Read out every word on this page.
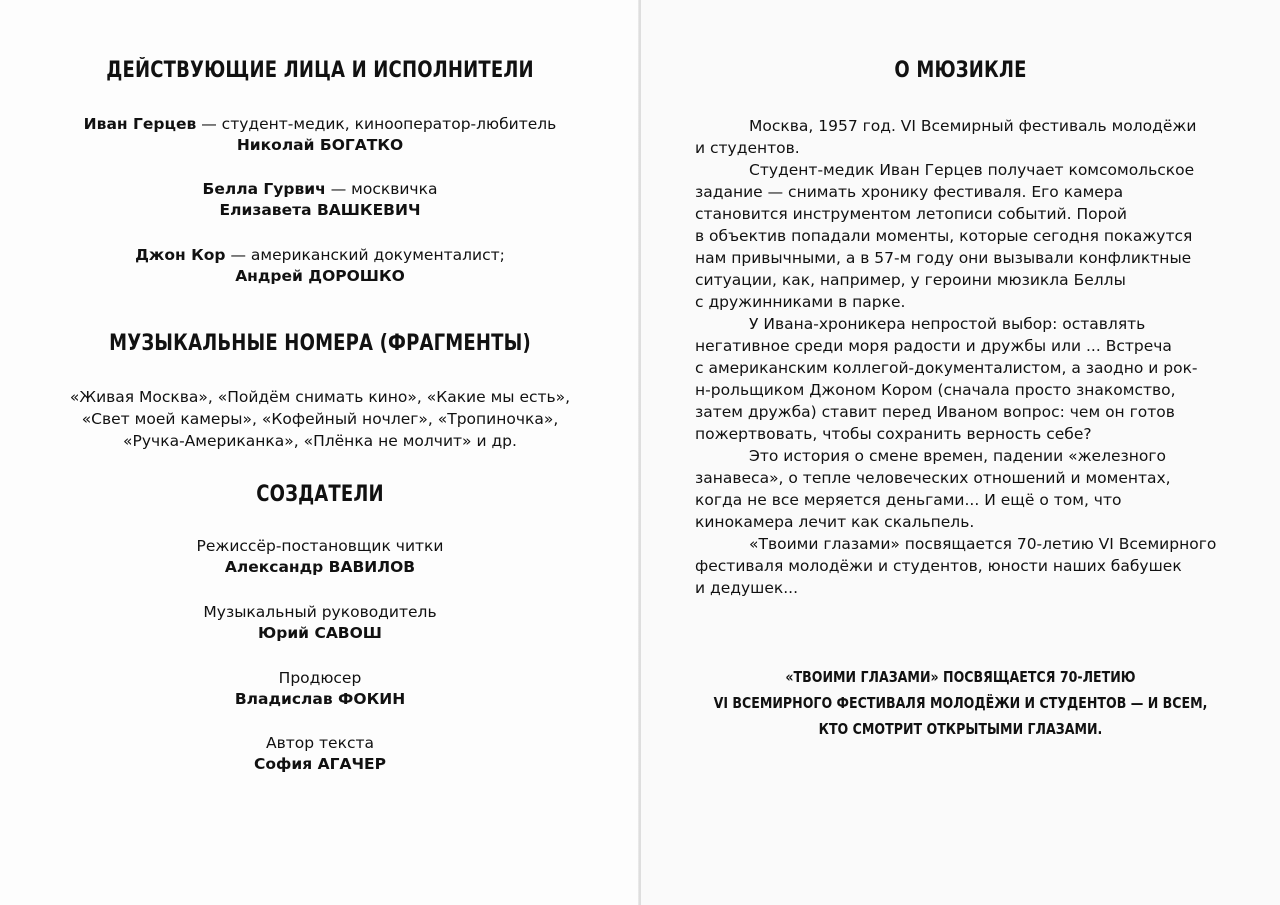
ДЕЙСТВУЮЩИЕ ЛИЦА И ИСПОЛНИТЕЛИ
Иван Герцев — студент-медик, кинооператор-любитель
Николай БОГАТКО
Белла Гурвич — москвичка
Елизавета ВАШКЕВИЧ
Джон Кор — американский документалист;
Андрей ДОРОШКО
МУЗЫКАЛЬНЫЕ НОМЕРА (ФРАГМЕНТЫ)
«Живая Москва», «Пойдём снимать кино», «Какие мы есть»,
«Свет моей камеры», «Кофейный ночлег», «Тропиночка»,
«Ручка-Американка», «Плёнка не молчит» и др.
СОЗДАТЕЛИ
Режиссёр-постановщик читки
Александр ВАВИЛОВ
Музыкальный руководитель
Юрий САВОШ
Продюсер
Владислав ФОКИН
Автор текста
София АГАЧЕР
О МЮЗИКЛЕ
Москва, 1957 год. VI Всемирный фестиваль молодёжи
и студентов.
Студент-медик Иван Герцев получает комсомольское
задание — снимать хронику фестиваля. Его камера
становится инструментом летописи событий. Порой
в объектив попадали моменты, которые сегодня покажутся
нам привычными, а в 57-м году они вызывали конфликтные
ситуации, как, например, у героини мюзикла Беллы
с дружинниками в парке.
У Ивана-хроникера непростой выбор: оставлять
негативное среди моря радости и дружбы или ... Встреча
с американским коллегой-документалистом, а заодно и рок-
н-рольщиком Джоном Кором (сначала просто знакомство,
затем дружба) ставит перед Иваном вопрос: чем он готов
пожертвовать, чтобы сохранить верность себе?
Это история о смене времен, падении «железного
занавеса», о тепле человеческих отношений и моментах,
когда не все меряется деньгами... И ещё о том, что
кинокамера лечит как скальпель.
«Твоими глазами» посвящается 70-летию VI Всемирного
фестиваля молодёжи и студентов, юности наших бабушек
и дедушек...
«ТВОИМИ ГЛАЗАМИ» ПОСВЯЩАЕТСЯ 70-ЛЕТИЮ
VI ВСЕМИРНОГО ФЕСТИВАЛЯ МОЛОДЁЖИ И СТУДЕНТОВ — И ВСЕМ,
КТО СМОТРИТ ОТКРЫТЫМИ ГЛАЗАМИ.
